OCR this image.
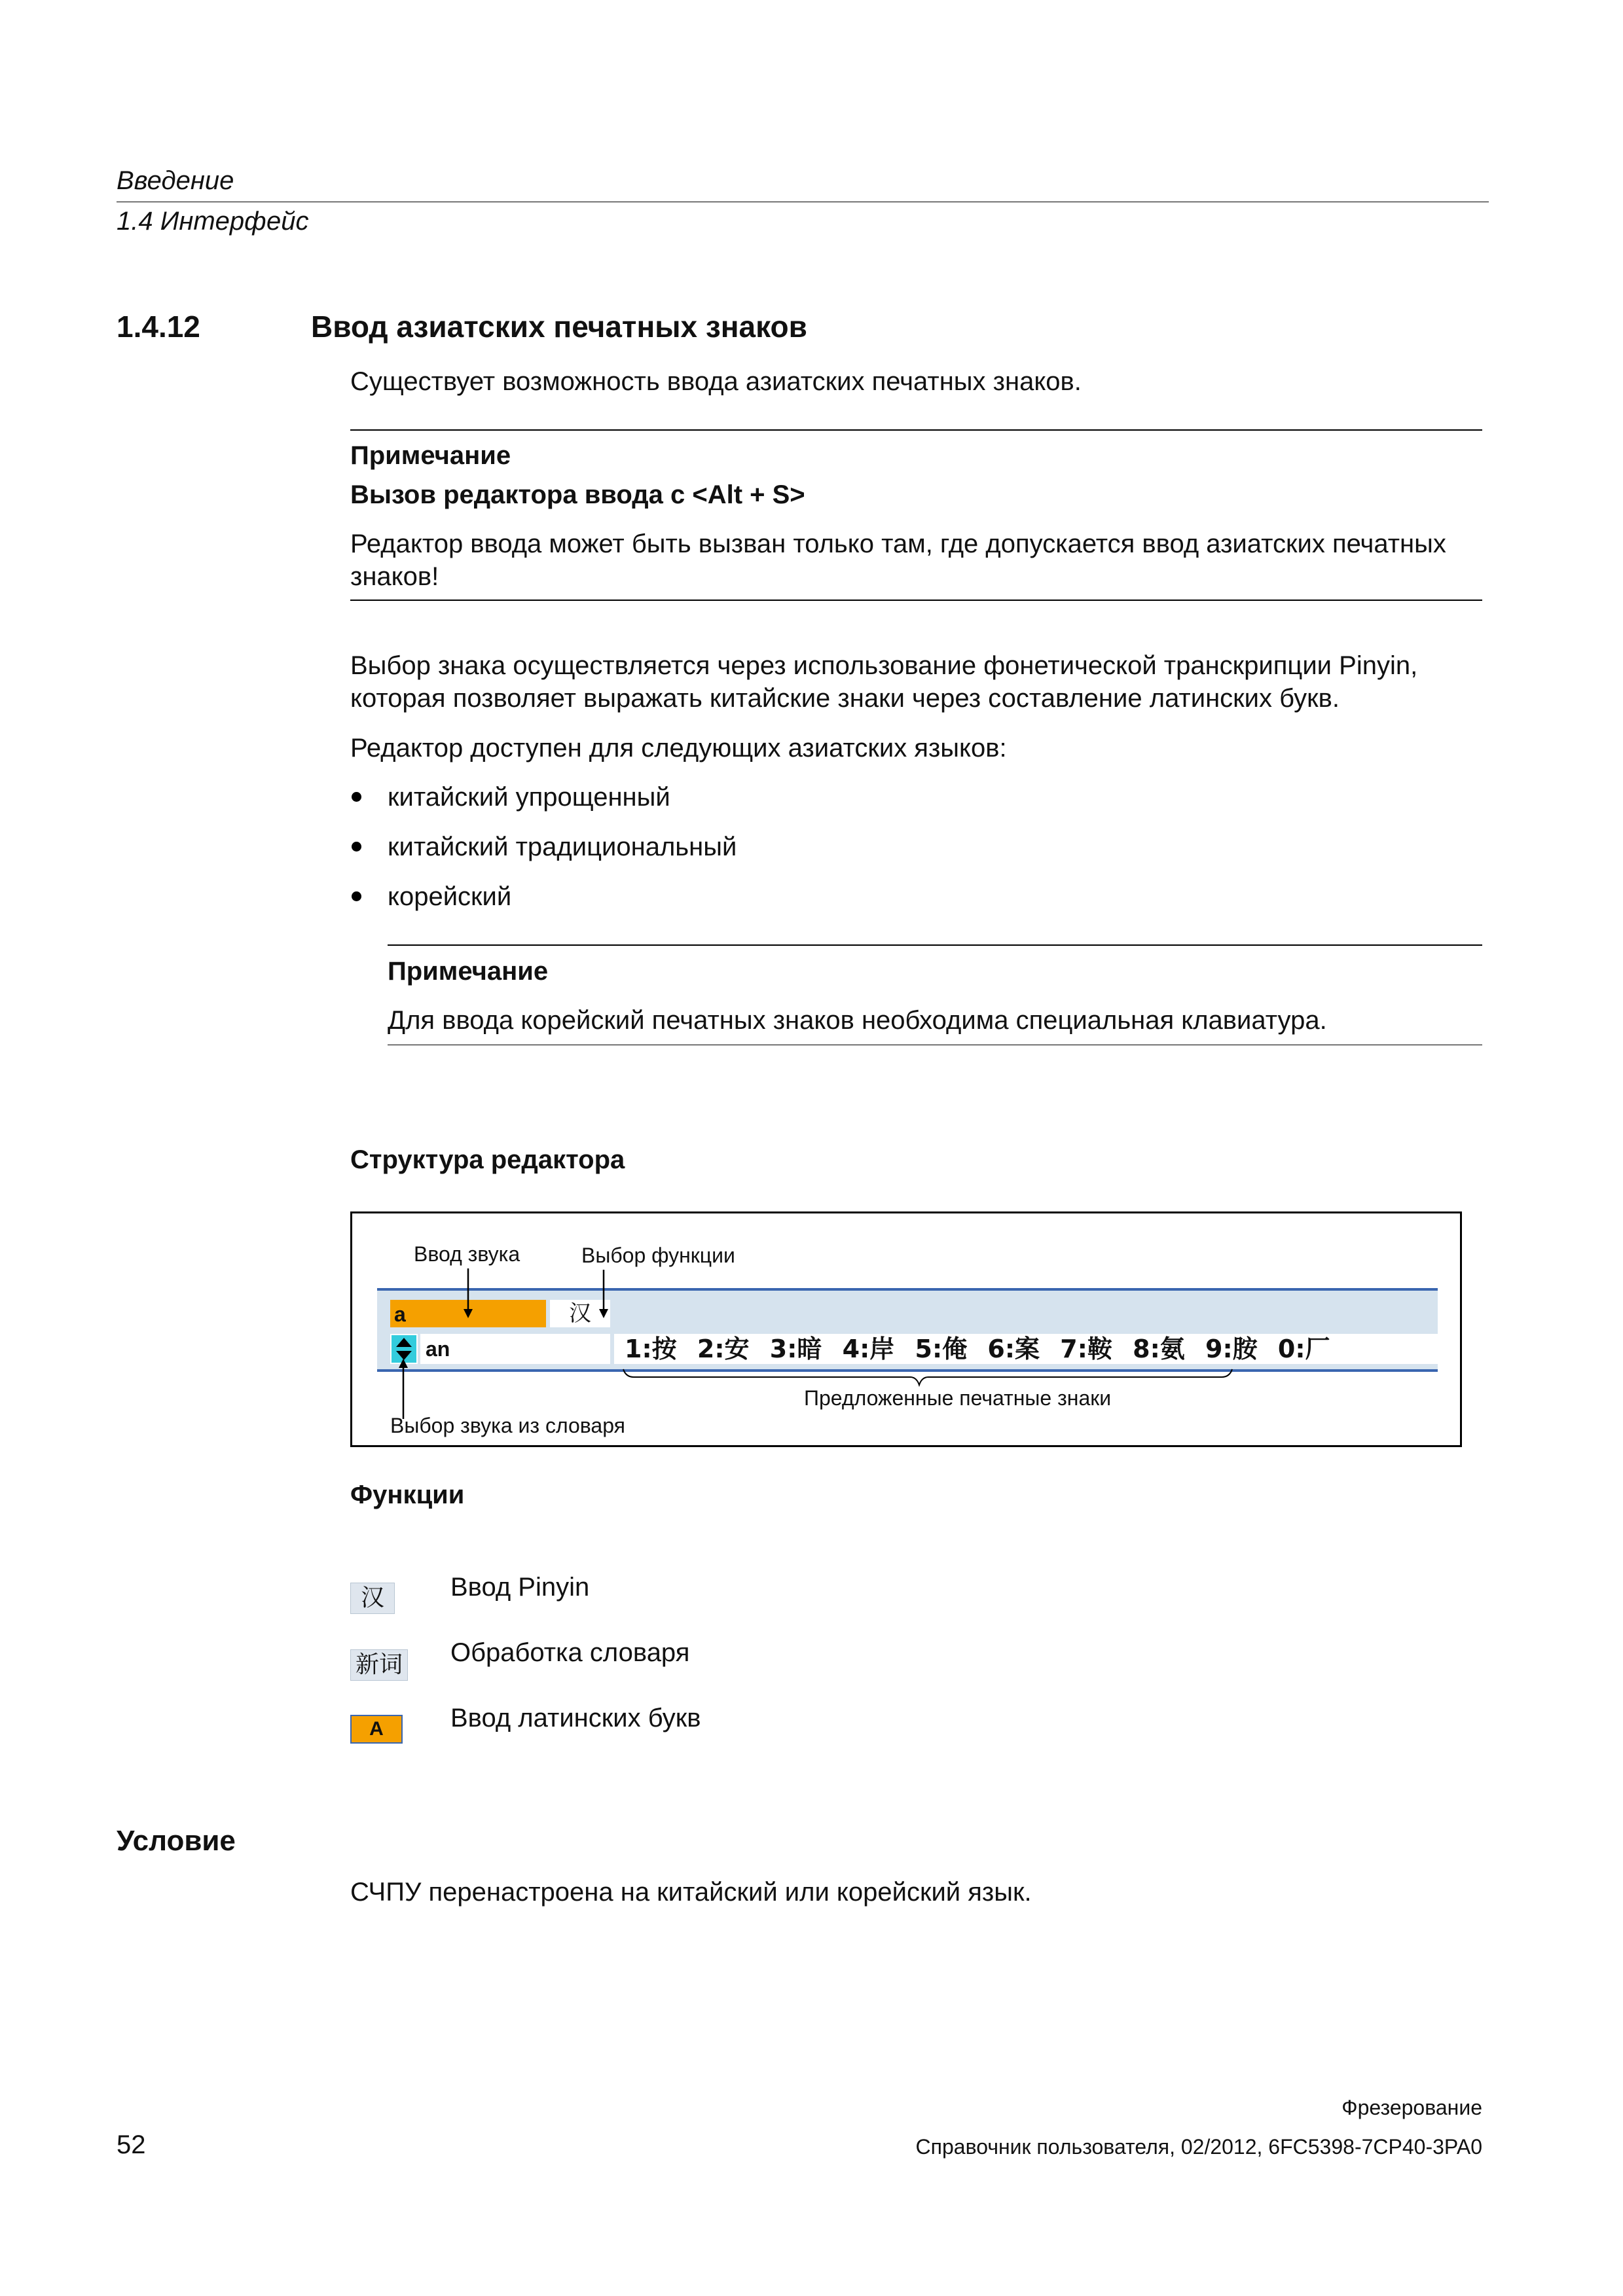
Введение
1.4 Интерфейс
1.4.12	Ввод азиатских печатных знаков
Существует возможность ввода азиатских печатных знаков.
Примечание
Вызов редактора ввода с <Alt + S>
Редактор ввода может быть вызван только там, где допускается ввод азиатских печатных знаков!
Выбор знака осуществляется через использование фонетической транскрипции Pinyin, которая позволяет выражать китайские знаки через составление латинских букв.
Редактор доступен для следующих азиатских языков:
китайский упрощенный
китайский традициональный
корейский
Примечание
Для ввода корейский печатных знаков необходима специальная клавиатура.
Структура редактора
Ввод звука	Выбор функции
a	汉
an	1:按 2:安 3:暗 4:岸 5:俺 6:案 7:鞍 8:氨 9:胺 0:厂
Предложенные печатные знаки
Выбор звука из словаря
Функции
汉	Ввод Pinyin
新词 Обработка словаря
A	Ввод латинских букв
Условие
СЧПУ перенастроена на китайский или корейский язык.
Фрезерование
52	Справочник пользователя, 02/2012, 6FC5398-7CP40-3PA0
